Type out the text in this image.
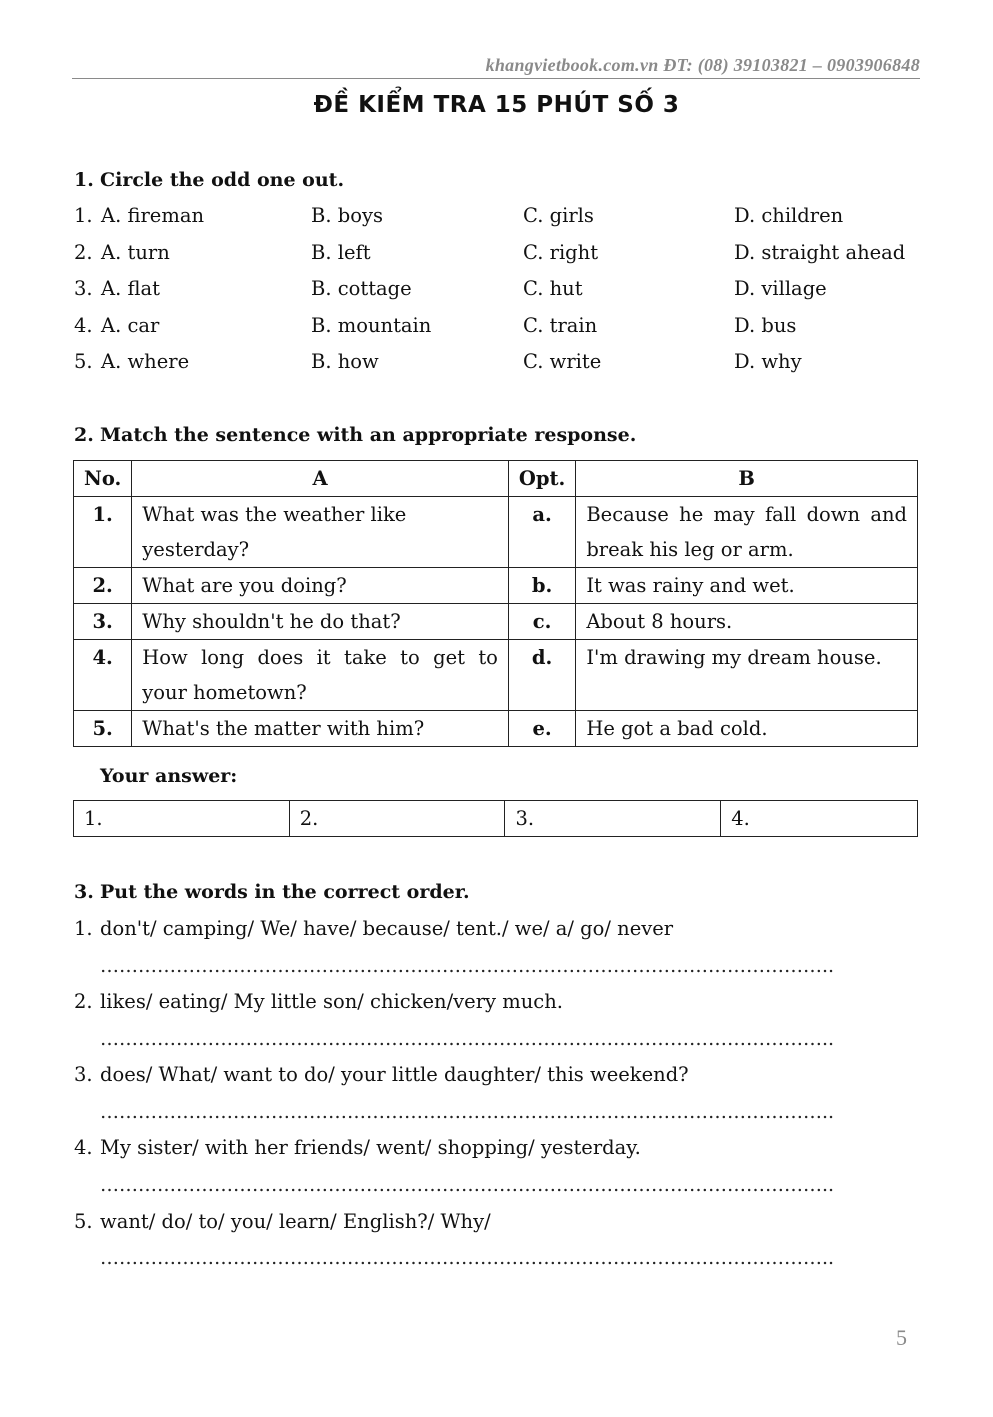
khangvietbook.com.vn ĐT: (08) 39103821 – 0903906848
ĐỀ KIỂM TRA 15 PHÚT SỐ 3
1. Circle the odd one out.
1. A. fireman	B. boys	C. girls	D. children
2. A. turn	B. left	C. right	D. straight ahead
3. A. flat	B. cottage	C. hut	D. village
4. A. car	B. mountain	C. train	D. bus
5. A. where	B. how	C. write	D. why
2. Match the sentence with an appropriate response.
No.	A	Opt.	B
1.	What was the weather like yesterday?	a.	Because he may fall down and break his leg or arm.
2.	What are you doing?	b.	It was rainy and wet.
3.	Why shouldn't he do that?	c.	About 8 hours.
4.	How long does it take to get to your hometown?	d.	I'm drawing my dream house.
5.	What's the matter with him?	e.	He got a bad cold.
Your answer:
1.	2.	3.	4.
3. Put the words in the correct order.
1. don't/ camping/ We/ have/ because/ tent./ we/ a/ go/ never
……………………………………………………………………………………………………..
2. likes/ eating/ My little son/ chicken/very much.
……………………………………………………………………………………………………..
3. does/ What/ want to do/ your little daughter/ this weekend?
……………………………………………………………………………………………………..
4. My sister/ with her friends/ went/ shopping/ yesterday.
……………………………………………………………………………………………………..
5. want/ do/ to/ you/ learn/ English?/ Why/
……………………………………………………………………………………………………..
5
